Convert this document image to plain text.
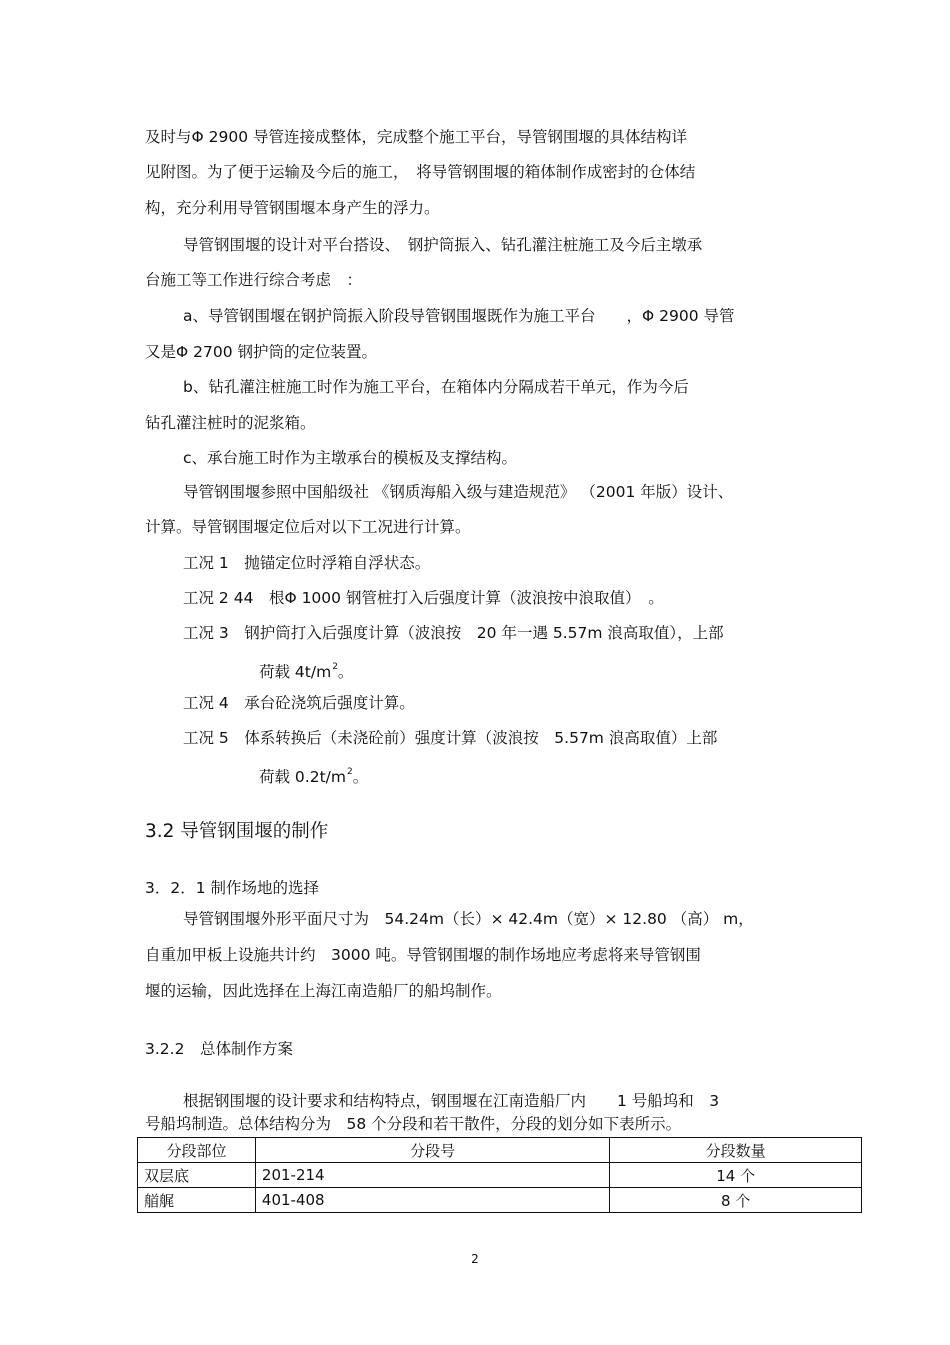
及时与Φ 2900 导管连接成整体，完成整个施工平台，导管钢围堰的具体结构详
见附图。为了便于运输及今后的施工，　将导管钢围堰的箱体制作成密封的仓体结
构，充分利用导管钢围堰本身产生的浮力。
导管钢围堰的设计对平台搭设、　钢护筒振入、钻孔灌注桩施工及今后主墩承
台施工等工作进行综合考虑　：
a、导管钢围堰在钢护筒振入阶段导管钢围堰既作为施工平台　　，Φ 2900 导管
又是Φ 2700 钢护筒的定位装置。
b、钻孔灌注桩施工时作为施工平台，在箱体内分隔成若干单元，作为今后
钻孔灌注桩时的泥浆箱。
c、承台施工时作为主墩承台的模板及支撑结构。
导管钢围堰参照中国船级社 《钢质海船入级与建造规范》 （2001 年版）设计、
计算。导管钢围堰定位后对以下工况进行计算。
工况 1　抛锚定位时浮箱自浮状态。
工况 2 44　根Φ 1000 钢管桩打入后强度计算（波浪按中浪取值）　。
工况 3　钢护筒打入后强度计算（波浪按　20 年一遇 5.57m 浪高取值），上部
荷载 $4t/m^2$。
工况 4　承台砼浇筑后强度计算。
工况 5　体系转换后（未浇砼前）强度计算（波浪按　5.57m 浪高取值）上部
荷载 $0.2t/m^2$。
3.2 导管钢围堰的制作
3．2．1 制作场地的选择
导管钢围堰外形平面尺寸为　54.24m（长）× 42.4m（宽）× 12.80 （高） m，
自重加甲板上设施共计约　3000 吨。导管钢围堰的制作场地应考虑将来导管钢围
堰的运输，因此选择在上海江南造船厂的船坞制作。
3.2.2　总体制作方案
根据钢围堰的设计要求和结构特点，钢围堰在江南造船厂内　　1 号船坞和　3
号船坞制造。总体结构分为　58 个分段和若干散件，分段的划分如下表所示。
分段部位	分段号	分段数量
双层底	201-214	14 个
艏艉	401-408	8 个
2
